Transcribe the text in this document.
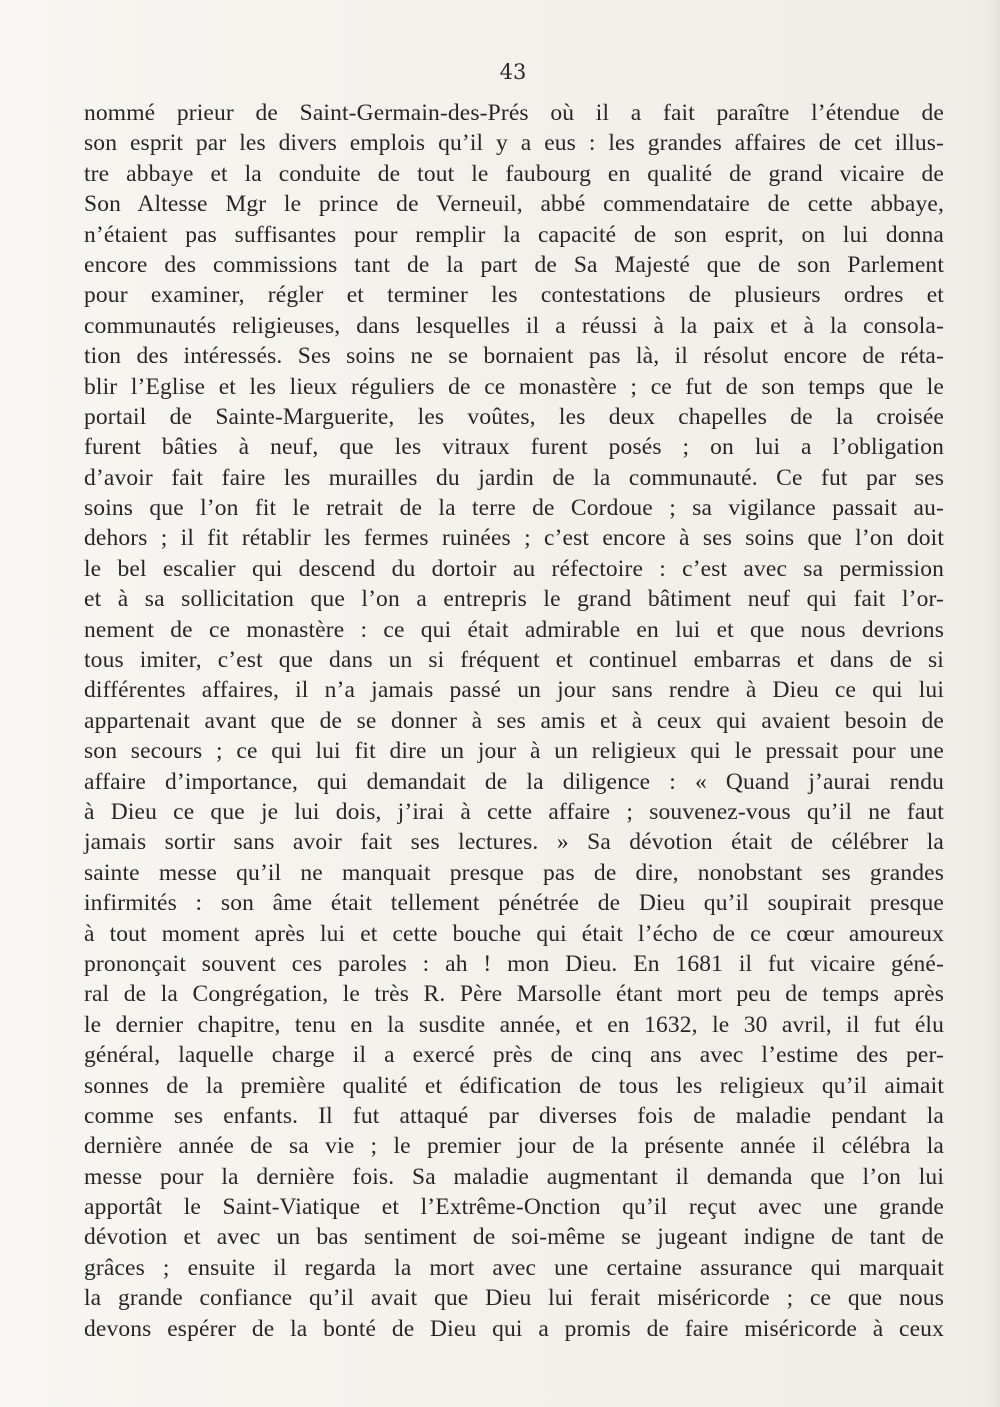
43
nommé prieur de Saint-Germain-des-Prés où il a fait paraître l’étendue de
son esprit par les divers emplois qu’il y a eus : les grandes affaires de cet illus-
tre abbaye et la conduite de tout le faubourg en qualité de grand vicaire de
Son Altesse Mgr le prince de Verneuil, abbé commendataire de cette abbaye,
n’étaient pas suffisantes pour remplir la capacité de son esprit, on lui donna
encore des commissions tant de la part de Sa Majesté que de son Parlement
pour examiner, régler et terminer les contestations de plusieurs ordres et
communautés religieuses, dans lesquelles il a réussi à la paix et à la consola-
tion des intéressés. Ses soins ne se bornaient pas là, il résolut encore de réta-
blir l’Eglise et les lieux réguliers de ce monastère ; ce fut de son temps que le
portail de Sainte-Marguerite, les voûtes, les deux chapelles de la croisée
furent bâties à neuf, que les vitraux furent posés ; on lui a l’obligation
d’avoir fait faire les murailles du jardin de la communauté. Ce fut par ses
soins que l’on fit le retrait de la terre de Cordoue ; sa vigilance passait au-
dehors ; il fit rétablir les fermes ruinées ; c’est encore à ses soins que l’on doit
le bel escalier qui descend du dortoir au réfectoire : c’est avec sa permission
et à sa sollicitation que l’on a entrepris le grand bâtiment neuf qui fait l’or-
nement de ce monastère : ce qui était admirable en lui et que nous devrions
tous imiter, c’est que dans un si fréquent et continuel embarras et dans de si
différentes affaires, il n’a jamais passé un jour sans rendre à Dieu ce qui lui
appartenait avant que de se donner à ses amis et à ceux qui avaient besoin de
son secours ; ce qui lui fit dire un jour à un religieux qui le pressait pour une
affaire d’importance, qui demandait de la diligence : « Quand j’aurai rendu
à Dieu ce que je lui dois, j’irai à cette affaire ; souvenez-vous qu’il ne faut
jamais sortir sans avoir fait ses lectures. » Sa dévotion était de célébrer la
sainte messe qu’il ne manquait presque pas de dire, nonobstant ses grandes
infirmités : son âme était tellement pénétrée de Dieu qu’il soupirait presque
à tout moment après lui et cette bouche qui était l’écho de ce cœur amoureux
prononçait souvent ces paroles : ah ! mon Dieu. En 1681 il fut vicaire géné-
ral de la Congrégation, le très R. Père Marsolle étant mort peu de temps après
le dernier chapitre, tenu en la susdite année, et en 1632, le 30 avril, il fut élu
général, laquelle charge il a exercé près de cinq ans avec l’estime des per-
sonnes de la première qualité et édification de tous les religieux qu’il aimait
comme ses enfants. Il fut attaqué par diverses fois de maladie pendant la
dernière année de sa vie ; le premier jour de la présente année il célébra la
messe pour la dernière fois. Sa maladie augmentant il demanda que l’on lui
apportât le Saint-Viatique et l’Extrême-Onction qu’il reçut avec une grande
dévotion et avec un bas sentiment de soi-même se jugeant indigne de tant de
grâces ; ensuite il regarda la mort avec une certaine assurance qui marquait
la grande confiance qu’il avait que Dieu lui ferait miséricorde ; ce que nous
devons espérer de la bonté de Dieu qui a promis de faire miséricorde à ceux
